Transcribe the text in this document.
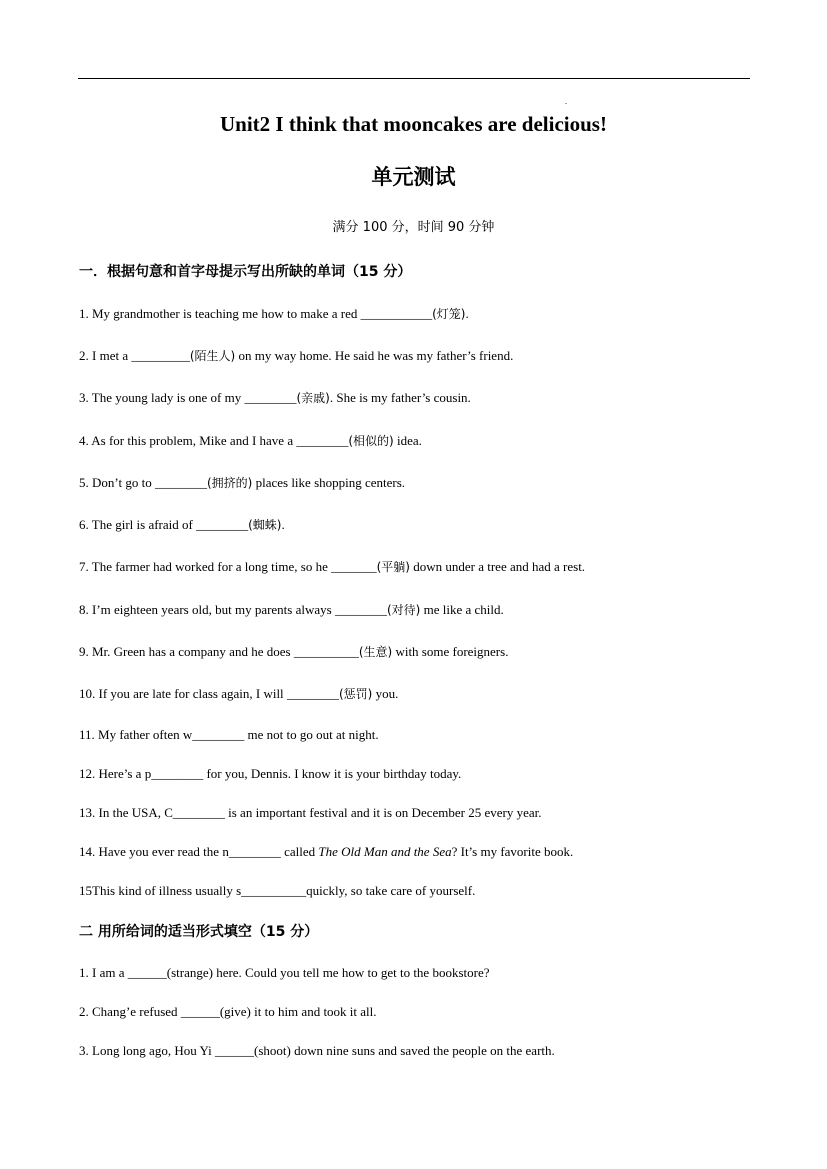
.
Unit2 I think that mooncakes are delicious!
单元测试
满分 100 分，时间 90 分钟
一．根据句意和首字母提示写出所缺的单词（15 分）
1. My grandmother is teaching me how to make a red ___________(灯笼).
2. I met a _________(陌生人) on my way home. He said he was my father’s friend.
3. The young lady is one of my ________(亲戚). She is my father’s cousin.
4. As for this problem, Mike and I have a ________(相似的) idea.
5. Don’t go to ________(拥挤的) places like shopping centers.
6. The girl is afraid of ________(蜘蛛).
7. The farmer had worked for a long time, so he _______(平躺) down under a tree and had a rest.
8. I’m eighteen years old, but my parents always ________(对待) me like a child.
9. Mr. Green has a company and he does __________(生意) with some foreigners.
10. If you are late for class again, I will ________(惩罚) you.
11. My father often w________ me not to go out at night.
12. Here’s a p________ for you, Dennis. I know it is your birthday today.
13. In the USA, C________ is an important festival and it is on December 25 every year.
14. Have you ever read the n________ called The Old Man and the Sea? It’s my favorite book.
15This kind of illness usually s__________quickly, so take care of yourself.
二 用所给词的适当形式填空（15 分）
1. I am a ______(strange) here. Could you tell me how to get to the bookstore?
2. Chang’e refused ______(give) it to him and took it all.
3. Long long ago, Hou Yi ______(shoot) down nine suns and saved the people on the earth.
